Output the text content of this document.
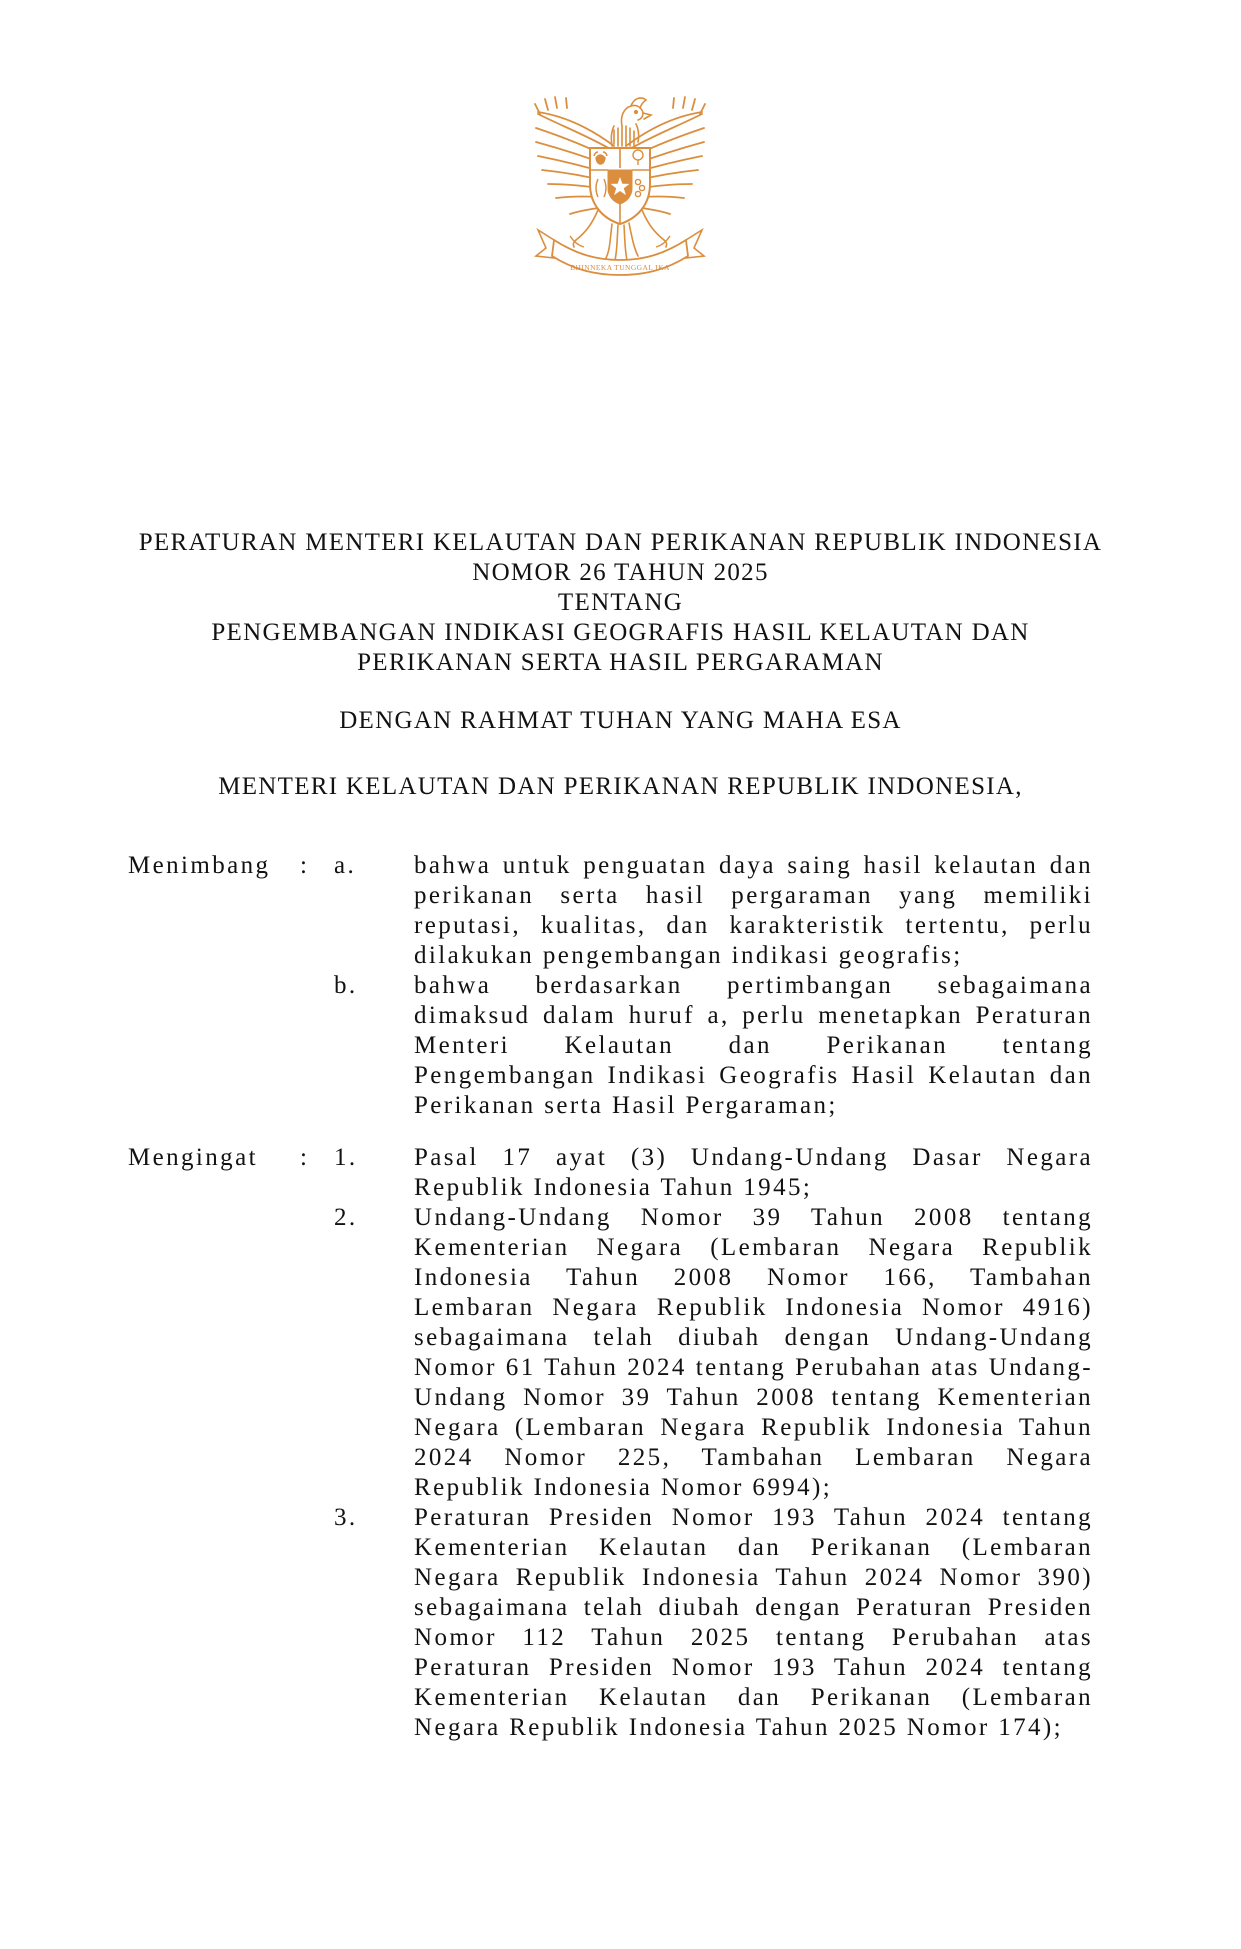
BHINNEKA TUNGGAL IKA
PERATURAN MENTERI KELAUTAN DAN PERIKANAN REPUBLIK INDONESIA
NOMOR 26 TAHUN 2025
TENTANG
PENGEMBANGAN INDIKASI GEOGRAFIS HASIL KELAUTAN DAN
PERIKANAN SERTA HASIL PERGARAMAN
DENGAN RAHMAT TUHAN YANG MAHA ESA
MENTERI KELAUTAN DAN PERIKANAN REPUBLIK INDONESIA,
Menimbang	: a.	bahwa untuk penguatan daya saing hasil kelautan dan perikanan serta hasil pergaraman yang memiliki reputasi, kualitas, dan karakteristik tertentu, perlu dilakukan pengembangan indikasi geografis;
b.	bahwa berdasarkan pertimbangan sebagaimana dimaksud dalam huruf a, perlu menetapkan Peraturan Menteri Kelautan dan Perikanan tentang Pengembangan Indikasi Geografis Hasil Kelautan dan Perikanan serta Hasil Pergaraman;
Mengingat	: 1.	Pasal 17 ayat (3) Undang-Undang Dasar Negara Republik Indonesia Tahun 1945;
2.	Undang-Undang Nomor 39 Tahun 2008 tentang Kementerian Negara (Lembaran Negara Republik Indonesia Tahun 2008 Nomor 166, Tambahan Lembaran Negara Republik Indonesia Nomor 4916) sebagaimana telah diubah dengan Undang-Undang Nomor 61 Tahun 2024 tentang Perubahan atas Undang-Undang Nomor 39 Tahun 2008 tentang Kementerian Negara (Lembaran Negara Republik Indonesia Tahun 2024 Nomor 225, Tambahan Lembaran Negara Republik Indonesia Nomor 6994);
3.	Peraturan Presiden Nomor 193 Tahun 2024 tentang Kementerian Kelautan dan Perikanan (Lembaran Negara Republik Indonesia Tahun 2024 Nomor 390) sebagaimana telah diubah dengan Peraturan Presiden Nomor 112 Tahun 2025 tentang Perubahan atas Peraturan Presiden Nomor 193 Tahun 2024 tentang Kementerian Kelautan dan Perikanan (Lembaran Negara Republik Indonesia Tahun 2025 Nomor 174);
